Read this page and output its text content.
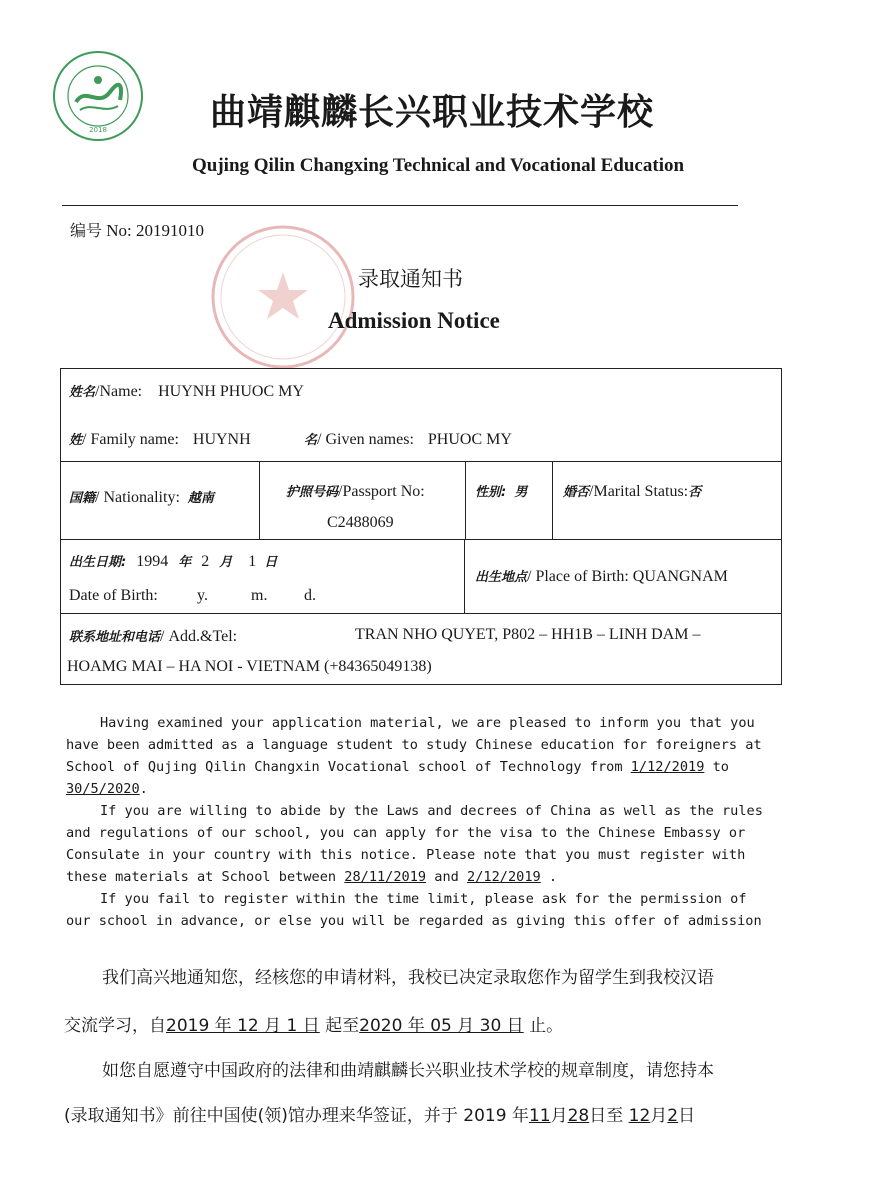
2018	曲靖麒麟长兴职业技术学校
Qujing Qilin Changxing Technical and Vocational Education
编号 No: 20191010
录取通知书
Admission Notice
姓名/Name: HUYNH PHUOC MY
姓/ Family name: HUYNH	名/ Given names: PHUOC MY
国籍/ Nationality: 越南	护照号码/Passport No:
C2488069
性别: 男	婚否/Marital Status:否
出生日期: 1994 年 2 月 1 日
Date of Birth: y.	m. d.
出生地点/ Place of Birth: QUANGNAM
联系地址和电话/ Add.&Tel:	TRAN NHO QUYET, P802 – HH1B – LINH DAM –
HOAMG MAI – HA NOI - VIETNAM (+84365049138)

Having examined your application material, we are pleased to inform you that you have been admitted as a language student to study Chinese education for foreigners at School of Qujing Qilin Changxin Vocational school of Technology from 1/12/2019 to 30/5/2020.

If you are willing to abide by the Laws and decrees of China as well as the rules and regulations of our school, you can apply for the visa to the Chinese Embassy or Consulate in your country with this notice. Please note that you must register with these materials at School between 28/11/2019 and 2/12/2019 .

If you fail to register within the time limit, please ask for the permission of our school in advance, or else you will be regarded as giving this offer of admission

我们高兴地通知您，经核您的申请材料，我校已决定录取您作为留学生到我校汉语
交流学习，自2019 年 12 月 1 日 起至2020 年 05 月 30 日 止。
如您自愿遵守中国政府的法律和曲靖麒麟长兴职业技术学校的规章制度，请您持本
(录取通知书》前往中国使(领)馆办理来华签证，并于 2019 年11月28日至 12月2日
